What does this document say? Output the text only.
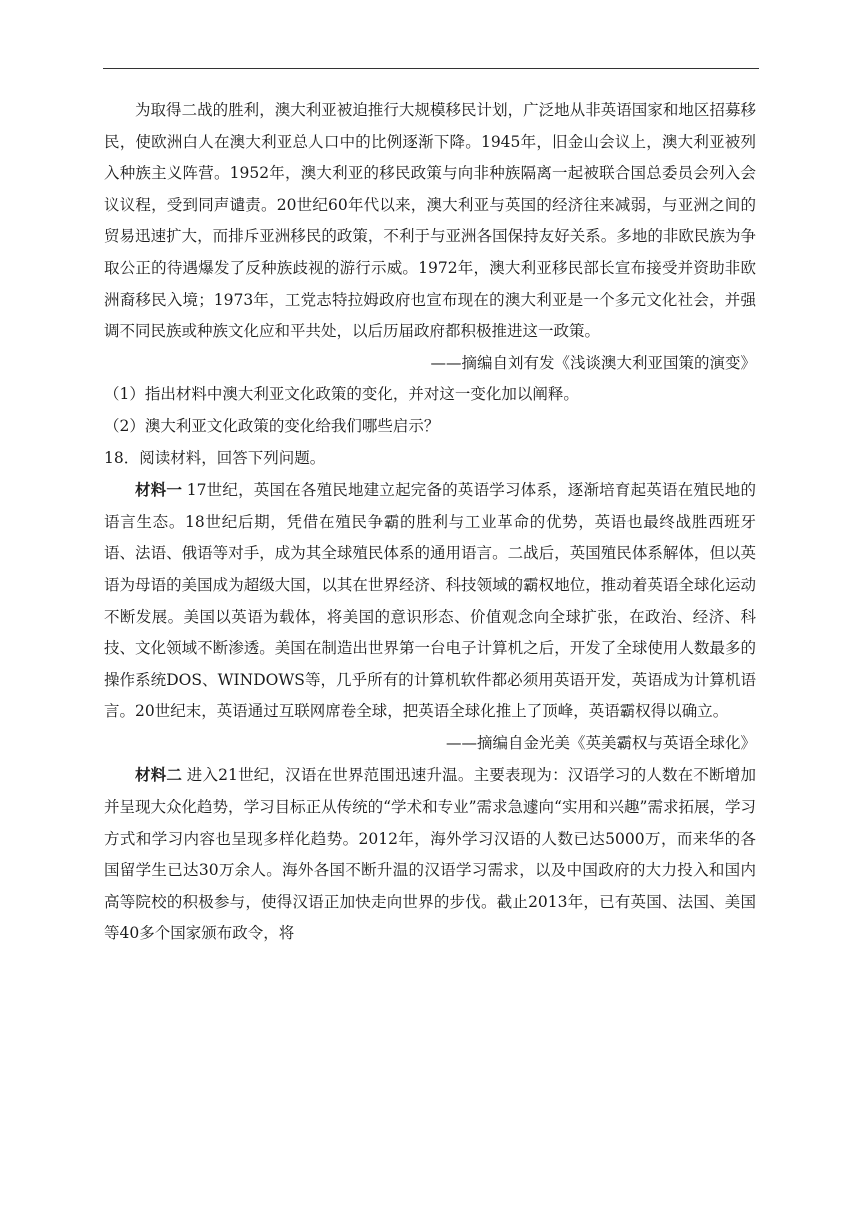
为取得二战的胜利，澳大利亚被迫推行大规模移民计划，广泛地从非英语国家和地区招募移民，使欧洲白人在澳大利亚总人口中的比例逐渐下降。1945年，旧金山会议上，澳大利亚被列入种族主义阵营。1952年，澳大利亚的移民政策与向非种族隔离一起被联合国总委员会列入会议议程，受到同声谴责。20世纪60年代以来，澳大利亚与英国的经济往来减弱，与亚洲之间的贸易迅速扩大，而排斥亚洲移民的政策，不利于与亚洲各国保持友好关系。多地的非欧民族为争取公正的待遇爆发了反种族歧视的游行示威。1972年，澳大利亚移民部长宣布接受并资助非欧洲裔移民入境；1973年，工党志特拉姆政府也宣布现在的澳大利亚是一个多元文化社会，并强调不同民族或种族文化应和平共处，以后历届政府都积极推进这一政策。

——摘编自刘有发《浅谈澳大利亚国策的演变》

（1）指出材料中澳大利亚文化政策的变化，并对这一变化加以阐释。

（2）澳大利亚文化政策的变化给我们哪些启示？

18．阅读材料，回答下列问题。

材料一 17世纪，英国在各殖民地建立起完备的英语学习体系，逐渐培育起英语在殖民地的语言生态。18世纪后期，凭借在殖民争霸的胜利与工业革命的优势，英语也最终战胜西班牙语、法语、俄语等对手，成为其全球殖民体系的通用语言。二战后，英国殖民体系解体，但以英语为母语的美国成为超级大国，以其在世界经济、科技领域的霸权地位，推动着英语全球化运动不断发展。美国以英语为载体，将美国的意识形态、价值观念向全球扩张，在政治、经济、科技、文化领域不断渗透。美国在制造出世界第一台电子计算机之后，开发了全球使用人数最多的操作系统DOS、WINDOWS等，几乎所有的计算机软件都必须用英语开发，英语成为计算机语言。20世纪末，英语通过互联网席卷全球，把英语全球化推上了顶峰，英语霸权得以确立。

——摘编自金光美《英美霸权与英语全球化》

材料二 进入21世纪，汉语在世界范围迅速升温。主要表现为：汉语学习的人数在不断增加并呈现大众化趋势，学习目标正从传统的“学术和专业”需求急遽向“实用和兴趣”需求拓展，学习方式和学习内容也呈现多样化趋势。2012年，海外学习汉语的人数已达5000万，而来华的各国留学生已达30万余人。海外各国不断升温的汉语学习需求，以及中国政府的大力投入和国内高等院校的积极参与，使得汉语正加快走向世界的步伐。截止2013年，已有英国、法国、美国等40多个国家颁布政令，将
